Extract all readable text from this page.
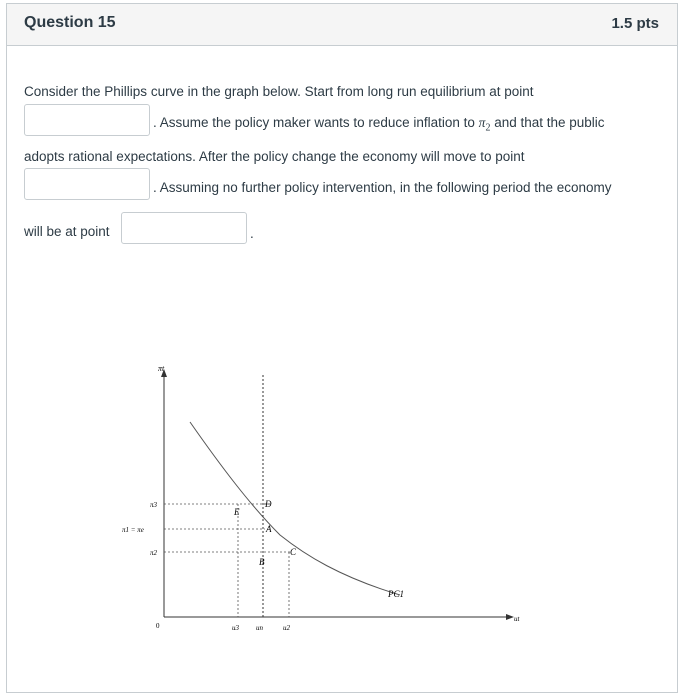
Question 15	1.5 pts
Consider the Phillips curve in the graph below. Start from long run equilibrium at point
. Assume the policy maker wants to reduce inflation to $\pi_2$ and that the public
adopts rational expectations. After the policy change the economy will move to point
. Assuming no further policy intervention, in the following period the economy
will be at point	.
D
E
A
B
C
πt
ut
0
π3
π1 = πe
π2
u3 un	u2
PC1
